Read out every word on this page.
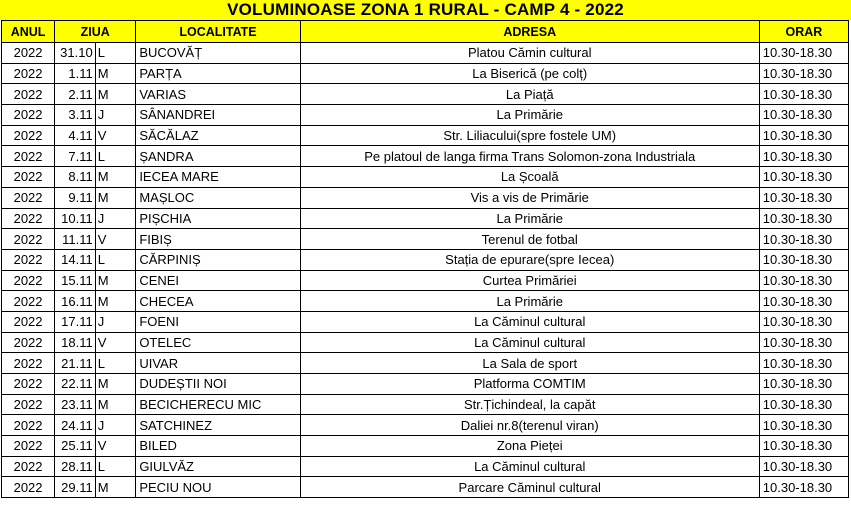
VOLUMINOASE ZONA 1 RURAL - CAMP 4 - 2022
ANUL	ZIUA		LOCALITATE	ADRESA	ORAR
2022	31.10	L	BUCOVĂȚ	Platou Cămin cultural	10.30-18.30
2022	1.11	M	PARȚA	La Biserică (pe colț)	10.30-18.30
2022	2.11	M	VARIAS	La Piață	10.30-18.30
2022	3.11	J	SÂNANDREI	La Primărie	10.30-18.30
2022	4.11	V	SĂCĂLAZ	Str. Liliacului(spre fostele UM)	10.30-18.30
2022	7.11	L	ȘANDRA	Pe platoul de langa firma Trans Solomon-zona Industriala	10.30-18.30
2022	8.11	M	IECEA MARE	La Școală	10.30-18.30
2022	9.11	M	MAȘLOC	Vis a vis de Primărie	10.30-18.30
2022	10.11	J	PIȘCHIA	La Primărie	10.30-18.30
2022	11.11	V	FIBIȘ	Terenul de fotbal	10.30-18.30
2022	14.11	L	CĂRPINIȘ	Stația de epurare(spre Iecea)	10.30-18.30
2022	15.11	M	CENEI	Curtea Primăriei	10.30-18.30
2022	16.11	M	CHECEA	La Primărie	10.30-18.30
2022	17.11	J	FOENI	La Căminul cultural	10.30-18.30
2022	18.11	V	OTELEC	La Căminul cultural	10.30-18.30
2022	21.11	L	UIVAR	La Sala de sport	10.30-18.30
2022	22.11	M	DUDEȘTII NOI	Platforma COMTIM	10.30-18.30
2022	23.11	M	BECICHERECU MIC	Str.Țichindeal, la capăt	10.30-18.30
2022	24.11	J	SATCHINEZ	Daliei nr.8(terenul viran)	10.30-18.30
2022	25.11	V	BILED	Zona Pieței	10.30-18.30
2022	28.11	L	GIULVĂZ	La Căminul cultural	10.30-18.30
2022	29.11	M	PECIU NOU	Parcare Căminul cultural	10.30-18.30
